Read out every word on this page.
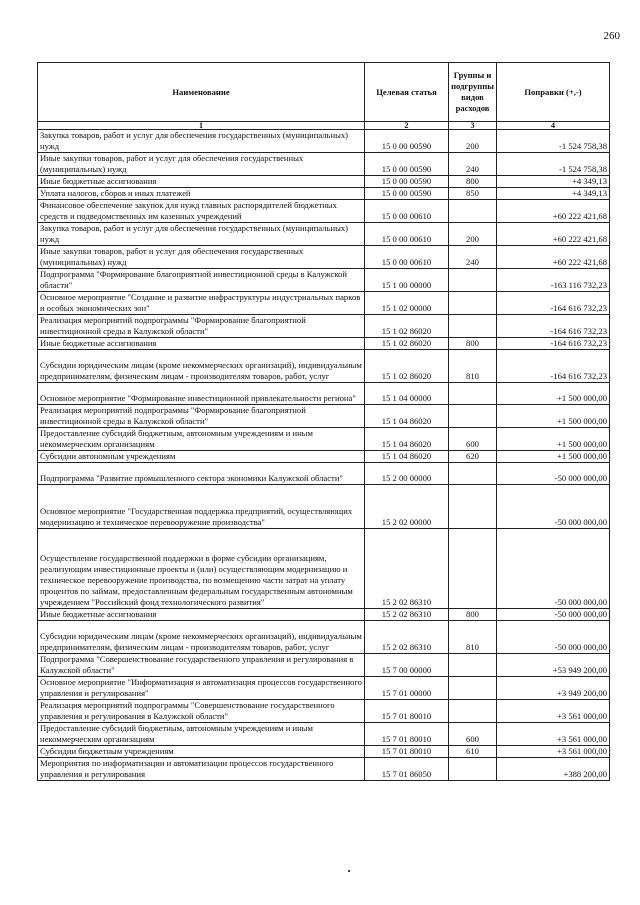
260
Наименование	Целевая статья	Группы и подгруппы видов расходов	Поправки (+,-)
1	2	3	4
Закупка товаров, работ и услуг для обеспечения государственных (муниципальных) нужд	15 0 00 00590	200	-1 524 758,38
Иные закупки товаров, работ и услуг для обеспечения государственных (муниципальных) нужд	15 0 00 00590	240	-1 524 758,38
Иные бюджетные ассигнования	15 0 00 00590	800	+4 349,13
Уплата налогов, сборов и иных платежей	15 0 00 00590	850	+4 349,13
Финансовое обеспечение закупок для нужд главных распорядителей бюджетных средств и подведомственных им казенных учреждений	15 0 00 00610		+60 222 421,68
Закупка товаров, работ и услуг для обеспечения государственных (муниципальных) нужд	15 0 00 00610	200	+60 222 421,68
Иные закупки товаров, работ и услуг для обеспечения государственных (муниципальных) нужд	15 0 00 00610	240	+60 222 421,68
Подпрограмма "Формирование благоприятной инвестиционной среды в Калужской области"	15 1 00 00000		-163 116 732,23
Основное мероприятие "Создание и развитие инфраструктуры индустриальных парков и особых экономических зон"	15 1 02 00000		-164 616 732,23
Реализация мероприятий подпрограммы "Формирование благоприятной инвестиционной среды в Калужской области"	15 1 02 86020		-164 616 732,23
Иные бюджетные ассигнования	15 1 02 86020	800	-164 616 732,23
Субсидии юридическим лицам (кроме некоммерческих организаций), индивидуальным предпринимателям, физическим лицам - производителям товаров, работ, услуг	15 1 02 86020	810	-164 616 732,23
Основное мероприятие "Формирование инвестиционной привлекательности региона"	15 1 04 00000		+1 500 000,00
Реализация мероприятий подпрограммы "Формирование благоприятной инвестиционной среды в Калужской области"	15 1 04 86020		+1 500 000,00
Предоставление субсидий бюджетным, автономным учреждениям и иным некоммерческим организациям	15 1 04 86020	600	+1 500 000,00
Субсидии автономным учреждениям	15 1 04 86020	620	+1 500 000,00
Подпрограмма "Развитие промышленного сектора экономики Калужской области"	15 2 00 00000		-50 000 000,00
Основное мероприятие "Государственная поддержка предприятий, осуществляющих модернизацию и техническое перевооружение производства"	15 2 02 00000		-50 000 000,00
Осуществление государственной поддержки в форме субсидии организациям, реализующим инвестиционные проекты и (или) осуществляющим модернизацию и техническое перевооружение производства, по возмещению части затрат на уплату процентов по займам, предоставленным федеральным государственным автономным учреждением "Российский фонд технологического развития"	15 2 02 86310		-50 000 000,00
Иные бюджетные ассигнования	15 2 02 86310	800	-50 000 000,00
Субсидии юридическим лицам (кроме некоммерческих организаций), индивидуальным предпринимателям, физическим лицам - производителям товаров, работ, услуг	15 2 02 86310	810	-50 000 000,00
Подпрограмма "Совершенствование государственного управления и регулирования в Калужской области"	15 7 00 00000		+53 949 200,00
Основное мероприятие "Информатизация и автоматизация процессов государственного управления и регулирования"	15 7 01 00000		+3 949 200,00
Реализация мероприятий подпрограммы "Совершенствование государственного управления и регулирования в Калужской области"	15 7 01 80010		+3 561 000,00
Предоставление субсидий бюджетным, автономным учреждениям и иным некоммерческим организациям	15 7 01 80010	600	+3 561 000,00
Субсидии бюджетным учреждениям	15 7 01 80010	610	+3 561 000,00
Мероприятия по информатизации и автоматизации процессов государственного управления и регулирования	15 7 01 86050		+388 200,00
